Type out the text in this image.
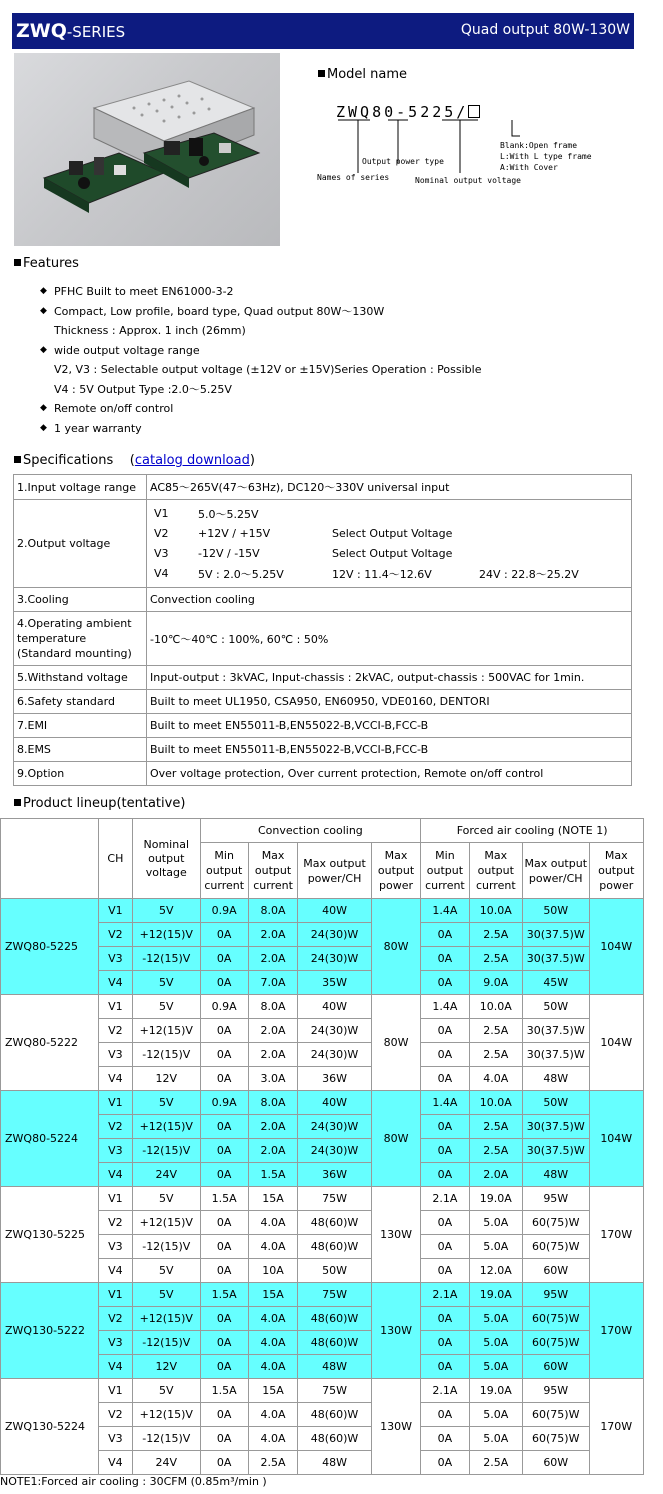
ZWQ-SERIES	Quad output 80W-130W
Model name
ZWQ80-5225/
Blank:Open frame
L:With L type frame
A:With Cover
Output power type
Names of series	Nominal output voltage
Features
◆ PFHC Built to meet EN61000-3-2
◆ Compact, Low profile, board type, Quad output 80W～130W
Thickness : Approx. 1 inch (26mm)
◆ wide output voltage range
V2, V3 : Selectable output voltage (±12V or ±15V)Series Operation : Possible
V4 : 5V Output Type :2.0～5.25V
◆ Remote on/off control
◆ 1 year warranty
Specifications (catalog download)
1.Input voltage range	AC85～265V(47～63Hz), DC120～330V universal input
2.Output voltage	
V1	5.0～5.25V		
V2	+12V / +15V	Select Output Voltage	
V3	-12V / -15V	Select Output Voltage	
V4	5V : 2.0～5.25V	12V : 11.4～12.6V	24V : 22.8～25.2V

3.Cooling	Convection cooling
4.Operating ambient temperature (Standard mounting)	-10℃～40℃ : 100%, 60℃ : 50%
5.Withstand voltage	Input-output : 3kVAC, Input-chassis : 2kVAC, output-chassis : 500VAC for 1min.
6.Safety standard	Built to meet UL1950, CSA950, EN60950, VDE0160, DENTORI
7.EMI	Built to meet EN55011-B,EN55022-B,VCCI-B,FCC-B
8.EMS	Built to meet EN55011-B,EN55022-B,VCCI-B,FCC-B
9.Option	Over voltage protection, Over current protection, Remote on/off control
Product lineup(tentative)
	CH	Nominal output voltage	Convection cooling				Forced air cooling (NOTE 1)			
			Min output current	Max output current	Max output power/CH	Max output power	Min output current	Max output current	Max output power/CH	Max output power
ZWQ80-5225	V1	5V	0.9A	8.0A	40W	80W	1.4A	10.0A	50W	104W
	V2	+12(15)V	0A	2.0A	24(30)W		0A	2.5A	30(37.5)W	
	V3	-12(15)V	0A	2.0A	24(30)W		0A	2.5A	30(37.5)W	
	V4	5V	0A	7.0A	35W		0A	9.0A	45W	
ZWQ80-5222	V1	5V	0.9A	8.0A	40W	80W	1.4A	10.0A	50W	104W
	V2	+12(15)V	0A	2.0A	24(30)W		0A	2.5A	30(37.5)W	
	V3	-12(15)V	0A	2.0A	24(30)W		0A	2.5A	30(37.5)W	
	V4	12V	0A	3.0A	36W		0A	4.0A	48W	
ZWQ80-5224	V1	5V	0.9A	8.0A	40W	80W	1.4A	10.0A	50W	104W
	V2	+12(15)V	0A	2.0A	24(30)W		0A	2.5A	30(37.5)W	
	V3	-12(15)V	0A	2.0A	24(30)W		0A	2.5A	30(37.5)W	
	V4	24V	0A	1.5A	36W		0A	2.0A	48W	
ZWQ130-5225	V1	5V	1.5A	15A	75W	130W	2.1A	19.0A	95W	170W
	V2	+12(15)V	0A	4.0A	48(60)W		0A	5.0A	60(75)W	
	V3	-12(15)V	0A	4.0A	48(60)W		0A	5.0A	60(75)W	
	V4	5V	0A	10A	50W		0A	12.0A	60W	
ZWQ130-5222	V1	5V	1.5A	15A	75W	130W	2.1A	19.0A	95W	170W
	V2	+12(15)V	0A	4.0A	48(60)W		0A	5.0A	60(75)W	
	V3	-12(15)V	0A	4.0A	48(60)W		0A	5.0A	60(75)W	
	V4	12V	0A	4.0A	48W		0A	5.0A	60W	
ZWQ130-5224	V1	5V	1.5A	15A	75W	130W	2.1A	19.0A	95W	170W
	V2	+12(15)V	0A	4.0A	48(60)W		0A	5.0A	60(75)W	
	V3	-12(15)V	0A	4.0A	48(60)W		0A	5.0A	60(75)W	
	V4	24V	0A	2.5A	48W		0A	2.5A	60W	
NOTE1:Forced air cooling : 30CFM (0.85m³/min )
